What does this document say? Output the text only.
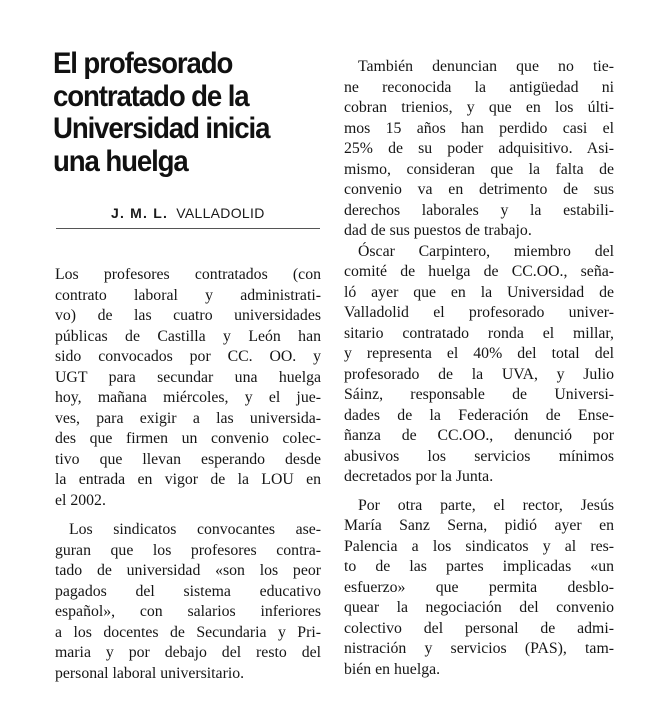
El profesorado
contratado de la
Universidad inicia
una huelga
J. M. L. VALLADOLID

Los profesores contratados (con
contrato laboral y administrati-
vo) de las cuatro universidades
públicas de Castilla y León han
sido convocados por CC. OO. y
UGT para secundar una huelga
hoy, mañana miércoles, y el jue-
ves, para exigir a las universida-
des que firmen un convenio colec-
tivo que llevan esperando desde
la entrada en vigor de la LOU en
el 2002.

Los sindicatos convocantes ase-
guran que los profesores contra-
tado de universidad «son los peor
pagados del sistema educativo
español», con salarios inferiores
a los docentes de Secundaria y Pri-
maria y por debajo del resto del
personal laboral universitario.

También denuncian que no tie-
ne reconocida la antigüedad ni
cobran trienios, y que en los últi-
mos 15 años han perdido casi el
25% de su poder adquisitivo. Asi-
mismo, consideran que la falta de
convenio va en detrimento de sus
derechos laborales y la estabili-
dad de sus puestos de trabajo.

Óscar Carpintero, miembro del
comité de huelga de CC.OO., seña-
ló ayer que en la Universidad de
Valladolid el profesorado univer-
sitario contratado ronda el millar,
y representa el 40% del total del
profesorado de la UVA, y Julio
Sáinz, responsable de Universi-
dades de la Federación de Ense-
ñanza de CC.OO., denunció por
abusivos los servicios mínimos
decretados por la Junta.

Por otra parte, el rector, Jesús
María Sanz Serna, pidió ayer en
Palencia a los sindicatos y al res-
to de las partes implicadas «un
esfuerzo» que permita desblo-
quear la negociación del convenio
colectivo del personal de admi-
nistración y servicios (PAS), tam-
bién en huelga.
